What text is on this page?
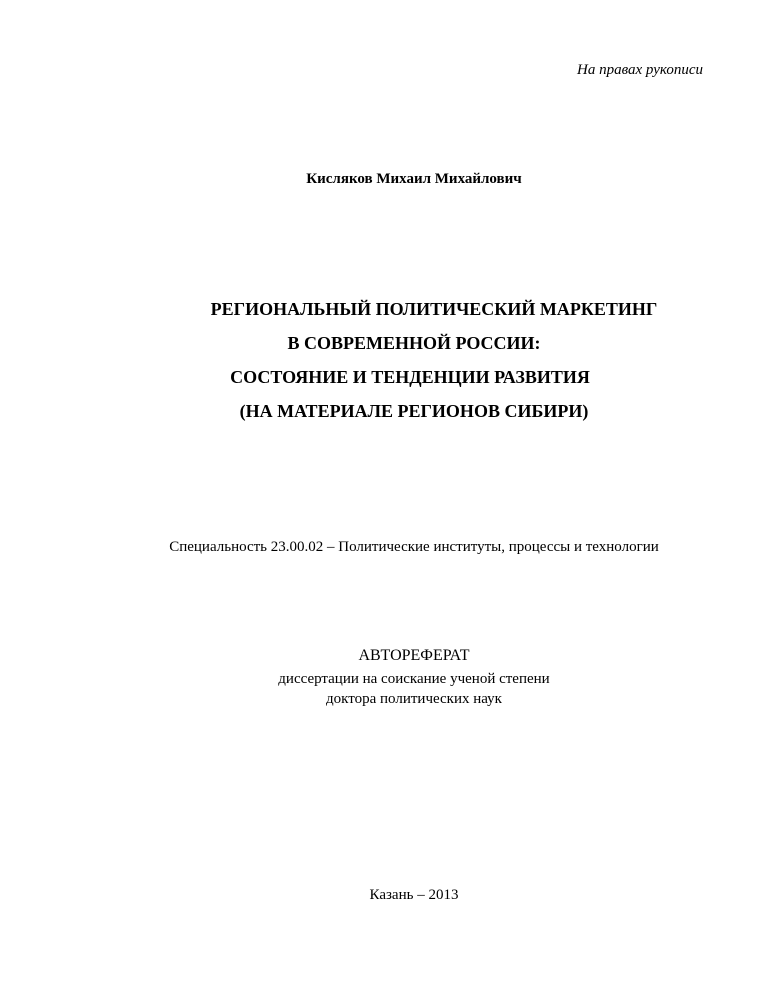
На правах рукописи
Кисляков Михаил Михайлович
РЕГИОНАЛЬНЫЙ ПОЛИТИЧЕСКИЙ МАРКЕТИНГ
В СОВРЕМЕННОЙ РОССИИ:
СОСТОЯНИЕ И ТЕНДЕНЦИИ РАЗВИТИЯ
(НА МАТЕРИАЛЕ РЕГИОНОВ СИБИРИ)
Специальность 23.00.02 – Политические институты, процессы и технологии
АВТОРЕФЕРАТ
диссертации на соискание ученой степени
доктора политических наук
Казань – 2013
